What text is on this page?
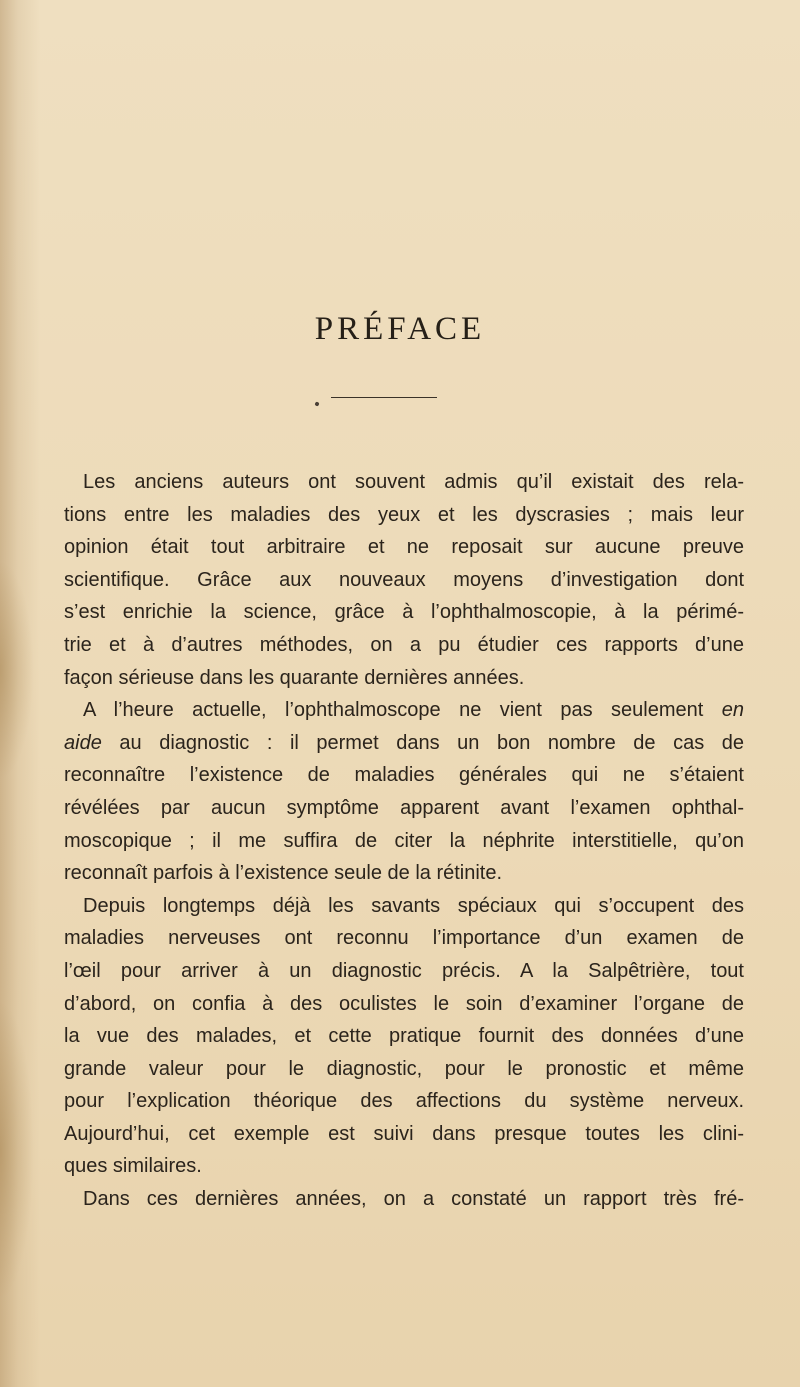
PRÉFACE
Les anciens auteurs ont souvent admis qu’il existait des rela-
tions entre les maladies des yeux et les dyscrasies ; mais leur
opinion était tout arbitraire et ne reposait sur aucune preuve
scientifique. Grâce aux nouveaux moyens d’investigation dont
s’est enrichie la science, grâce à l’ophthalmoscopie, à la périmé-
trie et à d’autres méthodes, on a pu étudier ces rapports d’une
façon sérieuse dans les quarante dernières années.
A l’heure actuelle, l’ophthalmoscope ne vient pas seulement en
aide au diagnostic : il permet dans un bon nombre de cas de
reconnaître l’existence de maladies générales qui ne s’étaient
révélées par aucun symptôme apparent avant l’examen ophthal-
moscopique ; il me suffira de citer la néphrite interstitielle, qu’on
reconnaît parfois à l’existence seule de la rétinite.
Depuis longtemps déjà les savants spéciaux qui s’occupent des
maladies nerveuses ont reconnu l’importance d’un examen de
l’œil pour arriver à un diagnostic précis. A la Salpêtrière, tout
d’abord, on confia à des oculistes le soin d’examiner l’organe de
la vue des malades, et cette pratique fournit des données d’une
grande valeur pour le diagnostic, pour le pronostic et même
pour l’explication théorique des affections du système nerveux.
Aujourd’hui, cet exemple est suivi dans presque toutes les clini-
ques similaires.
Dans ces dernières années, on a constaté un rapport très fré-
